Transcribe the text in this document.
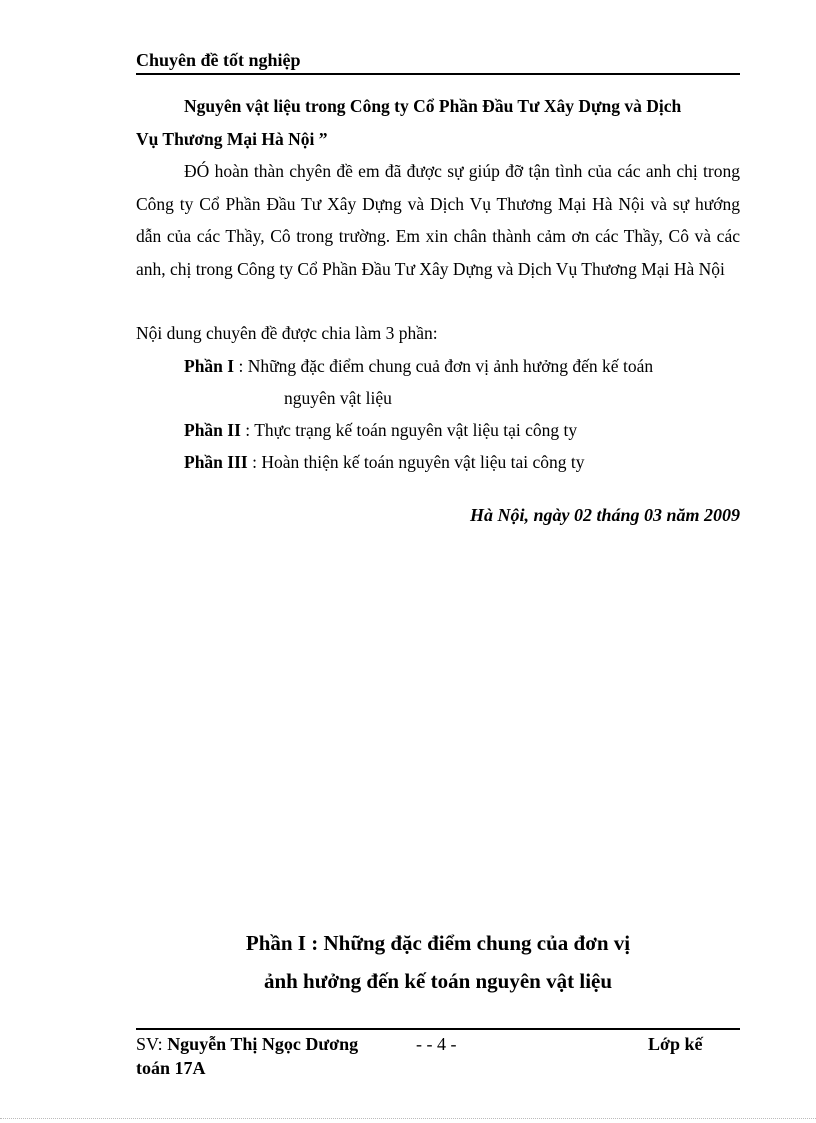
Chuyên đề tốt nghiệp
Nguyên vật liệu trong Công ty Cổ Phần Đầu Tư Xây Dựng và Dịch
Vụ Thương Mại Hà Nội ”
ĐÓ hoàn thàn chyên đề em đã được sự giúp đỡ tận tình của các anh chị trong Công ty Cổ Phần Đầu Tư Xây Dựng và Dịch Vụ Thương Mại Hà Nội và sự hướng dẫn của các Thầy, Cô trong trường. Em xin chân thành cảm ơn các Thầy, Cô và các anh, chị trong Công ty Cổ Phần Đầu Tư Xây Dựng và Dịch Vụ Thương Mại Hà Nội
Nội dung chuyên đề được chia làm 3 phần:
Phần I : Những đặc điểm chung cuả đơn vị ảnh hưởng đến kế toán
nguyên vật liệu
Phần II : Thực trạng kế toán nguyên vật liệu tại công ty
Phần III : Hoàn thiện kế toán nguyên vật liệu tai công ty
Hà Nội, ngày 02 tháng 03 năm 2009
Phần I : Những đặc điểm chung của đơn vị
ảnh hưởng đến kế toán nguyên vật liệu
SV: Nguyễn Thị Ngọc Dương	- - 4 -	Lớp kế
toán 17A
